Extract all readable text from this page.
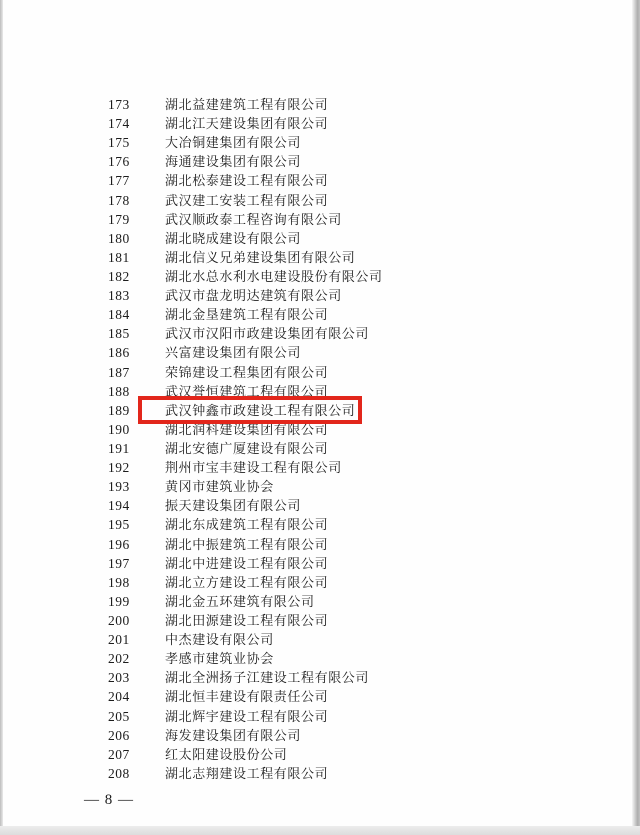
173	湖北益建建筑工程有限公司
174	湖北江天建设集团有限公司
175	大冶铜建集团有限公司
176	海通建设集团有限公司
177	湖北松泰建设工程有限公司
178	武汉建工安装工程有限公司
179	武汉顺政泰工程咨询有限公司
180	湖北晓成建设有限公司
181	湖北信义兄弟建设集团有限公司
182	湖北水总水利水电建设股份有限公司
183	武汉市盘龙明达建筑有限公司
184	湖北金垦建筑工程有限公司
185	武汉市汉阳市政建设集团有限公司
186	兴富建设集团有限公司
187	荣锦建设工程集团有限公司
188	武汉誉恒建筑工程有限公司
189	武汉钟鑫市政建设工程有限公司
190	湖北润科建设集团有限公司
191	湖北安德广厦建设有限公司
192	荆州市宝丰建设工程有限公司
193	黄冈市建筑业协会
194	振天建设集团有限公司
195	湖北东成建筑工程有限公司
196	湖北中振建筑工程有限公司
197	湖北中进建设工程有限公司
198	湖北立方建设工程有限公司
199	湖北金五环建筑有限公司
200	湖北田源建设工程有限公司
201	中杰建设有限公司
202	孝感市建筑业协会
203	湖北全洲扬子江建设工程有限公司
204	湖北恒丰建设有限责任公司
205	湖北辉宇建设工程有限公司
206	海发建设集团有限公司
207	红太阳建设股份公司
208	湖北志翔建设工程有限公司
— 8 —
